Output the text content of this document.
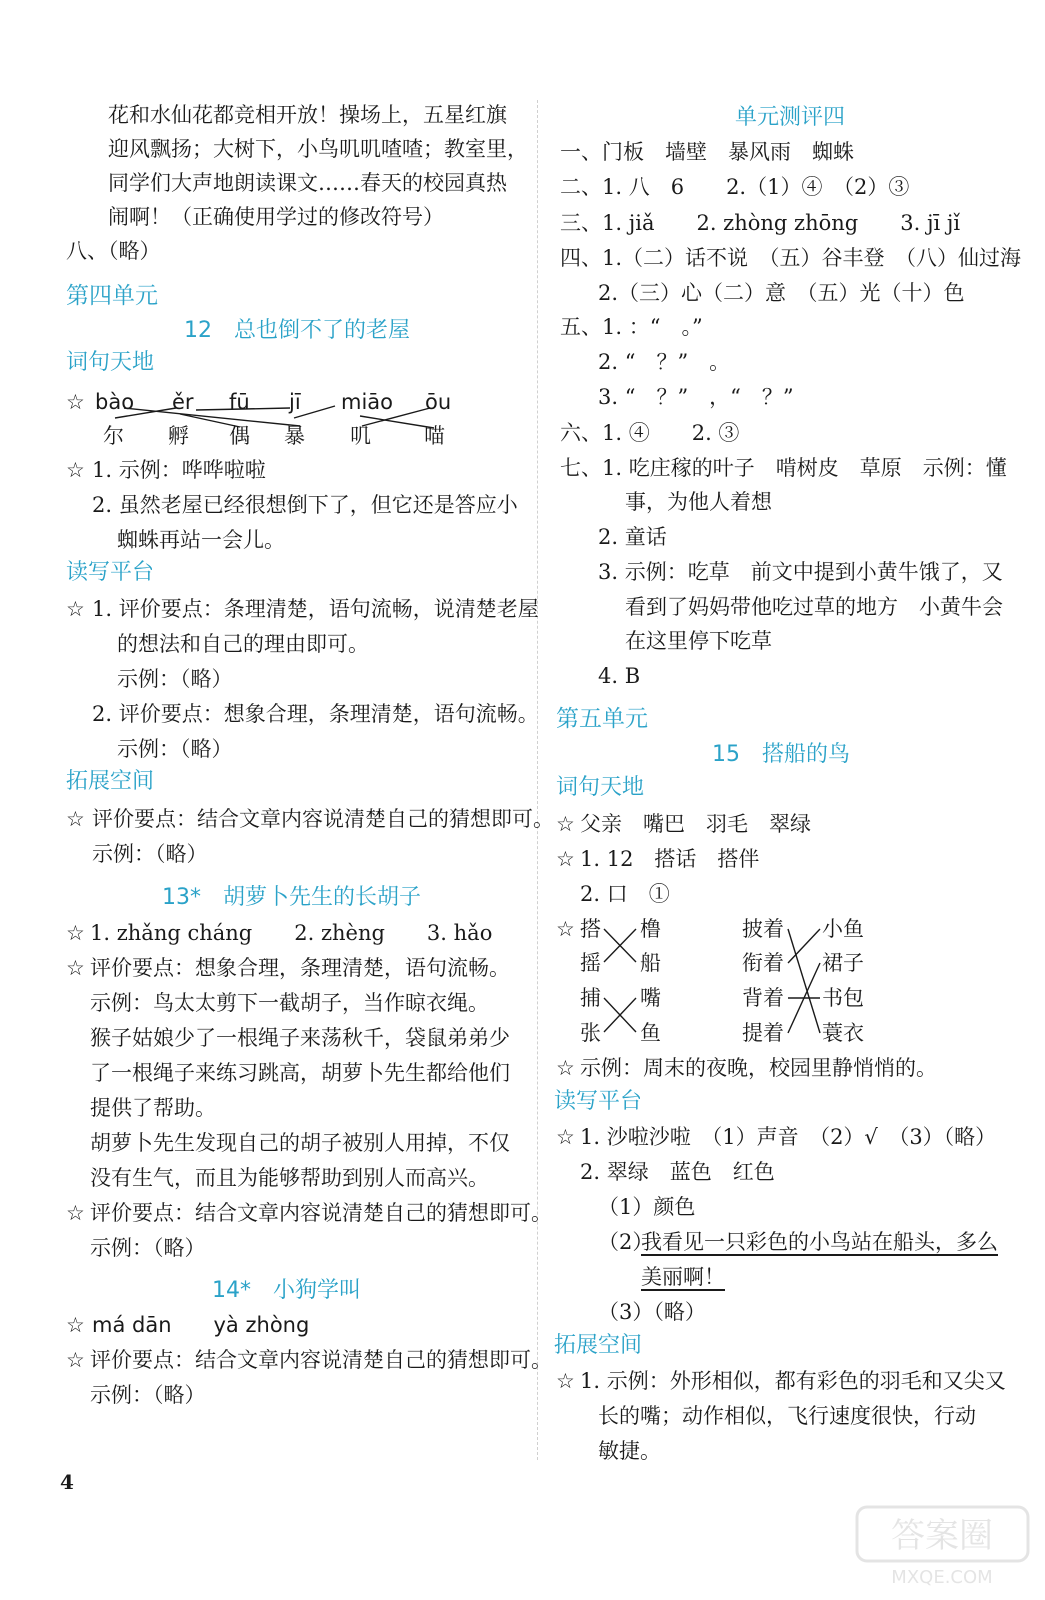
花和水仙花都竞相开放！操场上，五星红旗
迎风飘扬；大树下，小鸟叽叽喳喳；教室里，
同学们大声地朗读课文……春天的校园真热
闹啊！（正确使用学过的修改符号）
八、（略）
第四单元
12　总也倒不了的老屋
词句天地
☆ bào ěr fū jī miāo ōu
尔 孵 偶 暴 叽	喵
☆ 1. 示例：哗哗啦啦
2. 虽然老屋已经很想倒下了，但它还是答应小
蜘蛛再站一会儿。
读写平台
☆ 1. 评价要点：条理清楚，语句流畅，说清楚老屋
的想法和自己的理由即可。
示例：（略）
2. 评价要点：想象合理，条理清楚，语句流畅。
示例：（略）
拓展空间
☆ 评价要点：结合文章内容说清楚自己的猜想即可。
示例：（略）
13*　胡萝卜先生的长胡子
☆ 1. zhǎng cháng　　2. zhèng　　3. hǎo
☆ 评价要点：想象合理，条理清楚，语句流畅。
示例：鸟太太剪下一截胡子，当作晾衣绳。
猴子姑娘少了一根绳子来荡秋千，袋鼠弟弟少
了一根绳子来练习跳高，胡萝卜先生都给他们
提供了帮助。
胡萝卜先生发现自己的胡子被别人用掉，不仅
没有生气，而且为能够帮助到别人而高兴。
☆ 评价要点：结合文章内容说清楚自己的猜想即可。
示例：（略）
14*　小狗学叫
☆ má dān　　yà zhòng
☆ 评价要点：结合文章内容说清楚自己的猜想即可。
示例：（略）
单元测评四
一、门板　墙壁　暴风雨　蜘蛛
二、1. 八　6　　2.（1）④　（2）③
三、1. jiǎ　　2. zhòng zhōng　　3. jī jǐ
四、1.（二）话不说　（五）谷丰登　（八）仙过海
2.（三）心（二）意　（五）光（十）色
五、1. ：“　。”
2. “　？”　。
3. “　？”　，“　？”
六、1. ④　　2. ③
七、1. 吃庄稼的叶子　啃树皮　草原　示例：懂
事，为他人着想
2. 童话
3. 示例：吃草　前文中提到小黄牛饿了，又
看到了妈妈带他吃过草的地方　小黄牛会
在这里停下吃草
4. B
第五单元
15　搭船的鸟
词句天地
☆ 父亲　嘴巴　羽毛　翠绿
☆ 1. 12　搭话　搭伴
2. 口　①
☆ 搭
摇
橹
船
捕
张
嘴
鱼
披着
衔着
背着
提着
小鱼
裙子
书包
蓑衣
☆ 示例：周末的夜晚，校园里静悄悄的。
读写平台
☆ 1. 沙啦沙啦　（1）声音　（2）√　（3）（略）
2. 翠绿　蓝色　红色
（1）颜色
（2）
我看见一只彩色的小鸟站在船头，多么
美丽啊！
（3）（略）
拓展空间
☆ 1. 示例：外形相似，都有彩色的羽毛和又尖又
长的嘴；动作相似，飞行速度很快，行动
敏捷。
4
答案圈
MXQE.COM
